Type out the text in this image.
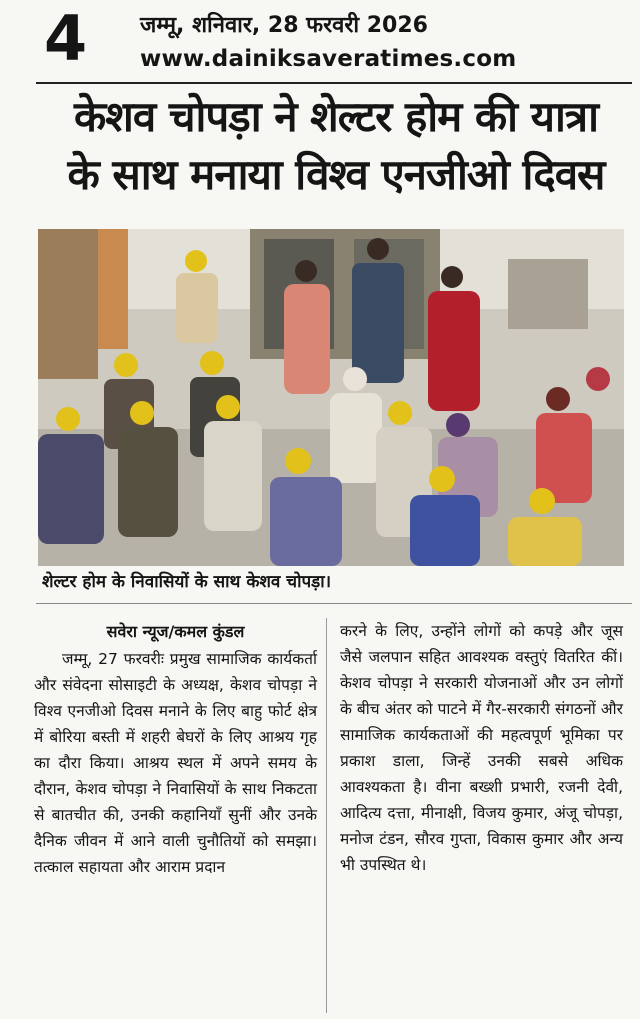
4 जम्मू, शनिवार, 28 फरवरी 2026
www.dainiksaveratimes.com
केशव चोपड़ा ने शेल्टर होम की यात्रा
के साथ मनाया विश्व एनजीओ दिवस
शेल्टर होम के निवासियों के साथ केशव चोपड़ा।
सवेरा न्यूज/कमल कुंडल
जम्मू, 27 फरवरीः प्रमुख सामाजिक कार्यकर्ता और संवेदना सोसाइटी के अध्यक्ष, केशव चोपड़ा ने विश्व एनजीओ दिवस मनाने के लिए बाहु फोर्ट क्षेत्र में बोरिया बस्ती में शहरी बेघरों के लिए आश्रय गृह का दौरा किया। आश्रय स्थल में अपने समय के दौरान, केशव चोपड़ा ने निवासियों के साथ निकटता से बातचीत की, उनकी कहानियाँ सुनीं और उनके दैनिक जीवन में आने वाली चुनौतियों को समझा। तत्काल सहायता और आराम प्रदान
करने के लिए, उन्होंने लोगों को कपड़े और जूस जैसे जलपान सहित आवश्यक वस्तुएं वितरित कीं। केशव चोपड़ा ने सरकारी योजनाओं और उन लोगों के बीच अंतर को पाटने में गैर-सरकारी संगठनों और सामाजिक कार्यकताओं की महत्वपूर्ण भूमिका पर प्रकाश डाला, जिन्हें उनकी सबसे अधिक आवश्यकता है। वीना बख्शी प्रभारी, रजनी देवी, आदित्य दत्ता, मीनाक्षी, विजय कुमार, अंजू चोपड़ा, मनोज टंडन, सौरव गुप्ता, विकास कुमार और अन्य भी उपस्थित थे।
